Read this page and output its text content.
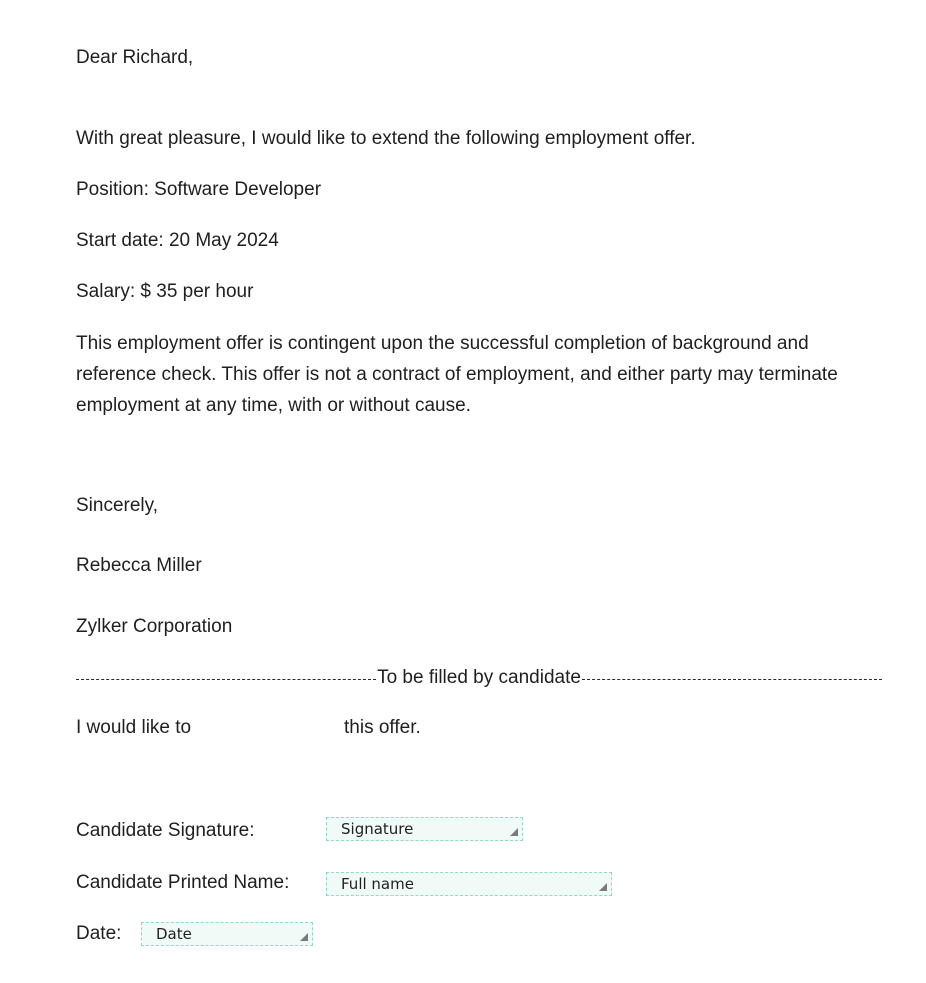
Dear Richard,
With great pleasure, I would like to extend the following employment offer.
Position: Software Developer
Start date: 20 May 2024
Salary: $ 35 per hour
This employment offer is contingent upon the successful completion of background and reference check. This offer is not a contract of employment, and either party may terminate employment at any time, with or without cause.
Sincerely,
Rebecca Miller
Zylker Corporation
To be filled by candidate
I would like to	this offer.
Candidate Signature:	Signature
Candidate Printed Name:	Full name
Date:	Date
